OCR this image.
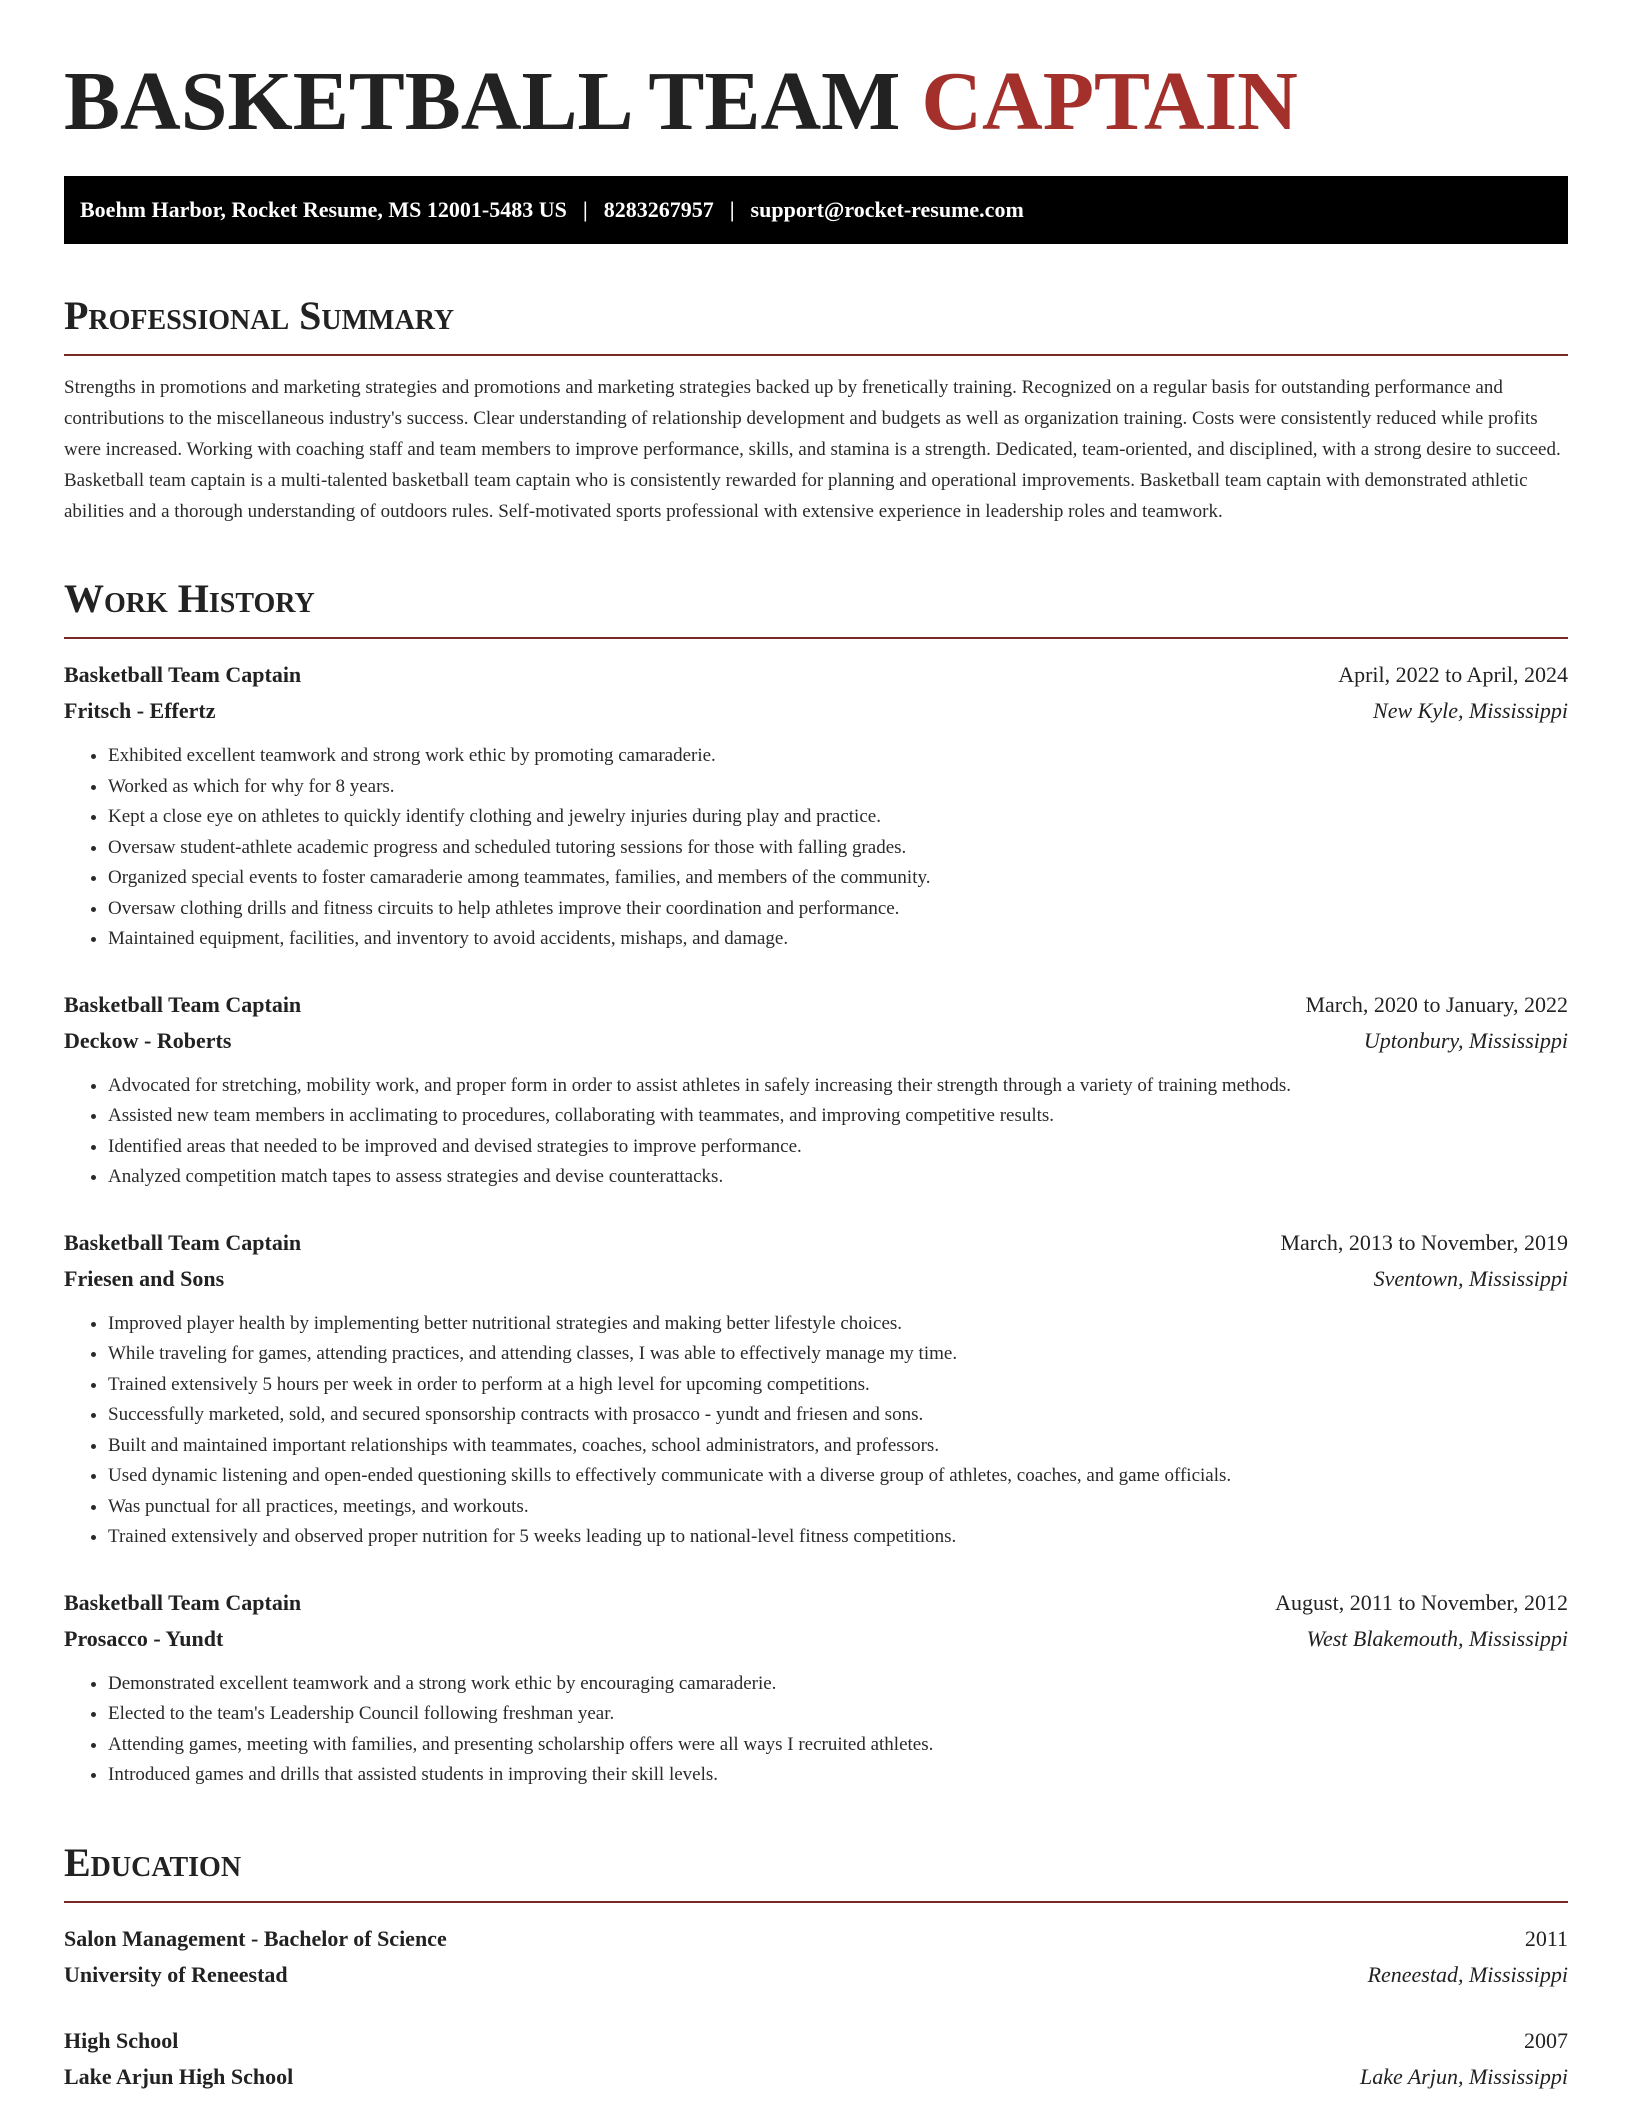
BASKETBALL TEAM CAPTAIN
Boehm Harbor, Rocket Resume, MS 12001-5483 US | 8283267957 | support@rocket-resume.com
Professional Summary

Strengths in promotions and marketing strategies and promotions and marketing strategies backed up by frenetically training. Recognized on a regular basis for outstanding performance and contributions to the miscellaneous industry's success. Clear understanding of relationship development and budgets as well as organization training. Costs were consistently reduced while profits were increased. Working with coaching staff and team members to improve performance, skills, and stamina is a strength. Dedicated, team-oriented, and disciplined, with a strong desire to succeed. Basketball team captain is a multi-talented basketball team captain who is consistently rewarded for planning and operational improvements. Basketball team captain with demonstrated athletic abilities and a thorough understanding of outdoors rules. Self-motivated sports professional with extensive experience in leadership roles and teamwork.

Work History
Basketball Team Captain	April, 2022 to April, 2024
Fritsch - Effertz	New Kyle, Mississippi
• Exhibited excellent teamwork and strong work ethic by promoting camaraderie.
• Worked as which for why for 8 years.
• Kept a close eye on athletes to quickly identify clothing and jewelry injuries during play and practice.
• Oversaw student-athlete academic progress and scheduled tutoring sessions for those with falling grades.
• Organized special events to foster camaraderie among teammates, families, and members of the community.
• Oversaw clothing drills and fitness circuits to help athletes improve their coordination and performance.
• Maintained equipment, facilities, and inventory to avoid accidents, mishaps, and damage.
Basketball Team Captain	March, 2020 to January, 2022
Deckow - Roberts	Uptonbury, Mississippi
• Advocated for stretching, mobility work, and proper form in order to assist athletes in safely increasing their strength through a variety of training methods.
• Assisted new team members in acclimating to procedures, collaborating with teammates, and improving competitive results.
• Identified areas that needed to be improved and devised strategies to improve performance.
• Analyzed competition match tapes to assess strategies and devise counterattacks.
Basketball Team Captain	March, 2013 to November, 2019
Friesen and Sons	Sventown, Mississippi
• Improved player health by implementing better nutritional strategies and making better lifestyle choices.
• While traveling for games, attending practices, and attending classes, I was able to effectively manage my time.
• Trained extensively 5 hours per week in order to perform at a high level for upcoming competitions.
• Successfully marketed, sold, and secured sponsorship contracts with prosacco - yundt and friesen and sons.
• Built and maintained important relationships with teammates, coaches, school administrators, and professors.
• Used dynamic listening and open-ended questioning skills to effectively communicate with a diverse group of athletes, coaches, and game officials.
• Was punctual for all practices, meetings, and workouts.
• Trained extensively and observed proper nutrition for 5 weeks leading up to national-level fitness competitions.
Basketball Team Captain	August, 2011 to November, 2012
Prosacco - Yundt	West Blakemouth, Mississippi
• Demonstrated excellent teamwork and a strong work ethic by encouraging camaraderie.
• Elected to the team's Leadership Council following freshman year.
• Attending games, meeting with families, and presenting scholarship offers were all ways I recruited athletes.
• Introduced games and drills that assisted students in improving their skill levels.
Education
Salon Management - Bachelor of Science	2011
University of Reneestad	Reneestad, Mississippi
High School	2007
Lake Arjun High School	Lake Arjun, Mississippi
